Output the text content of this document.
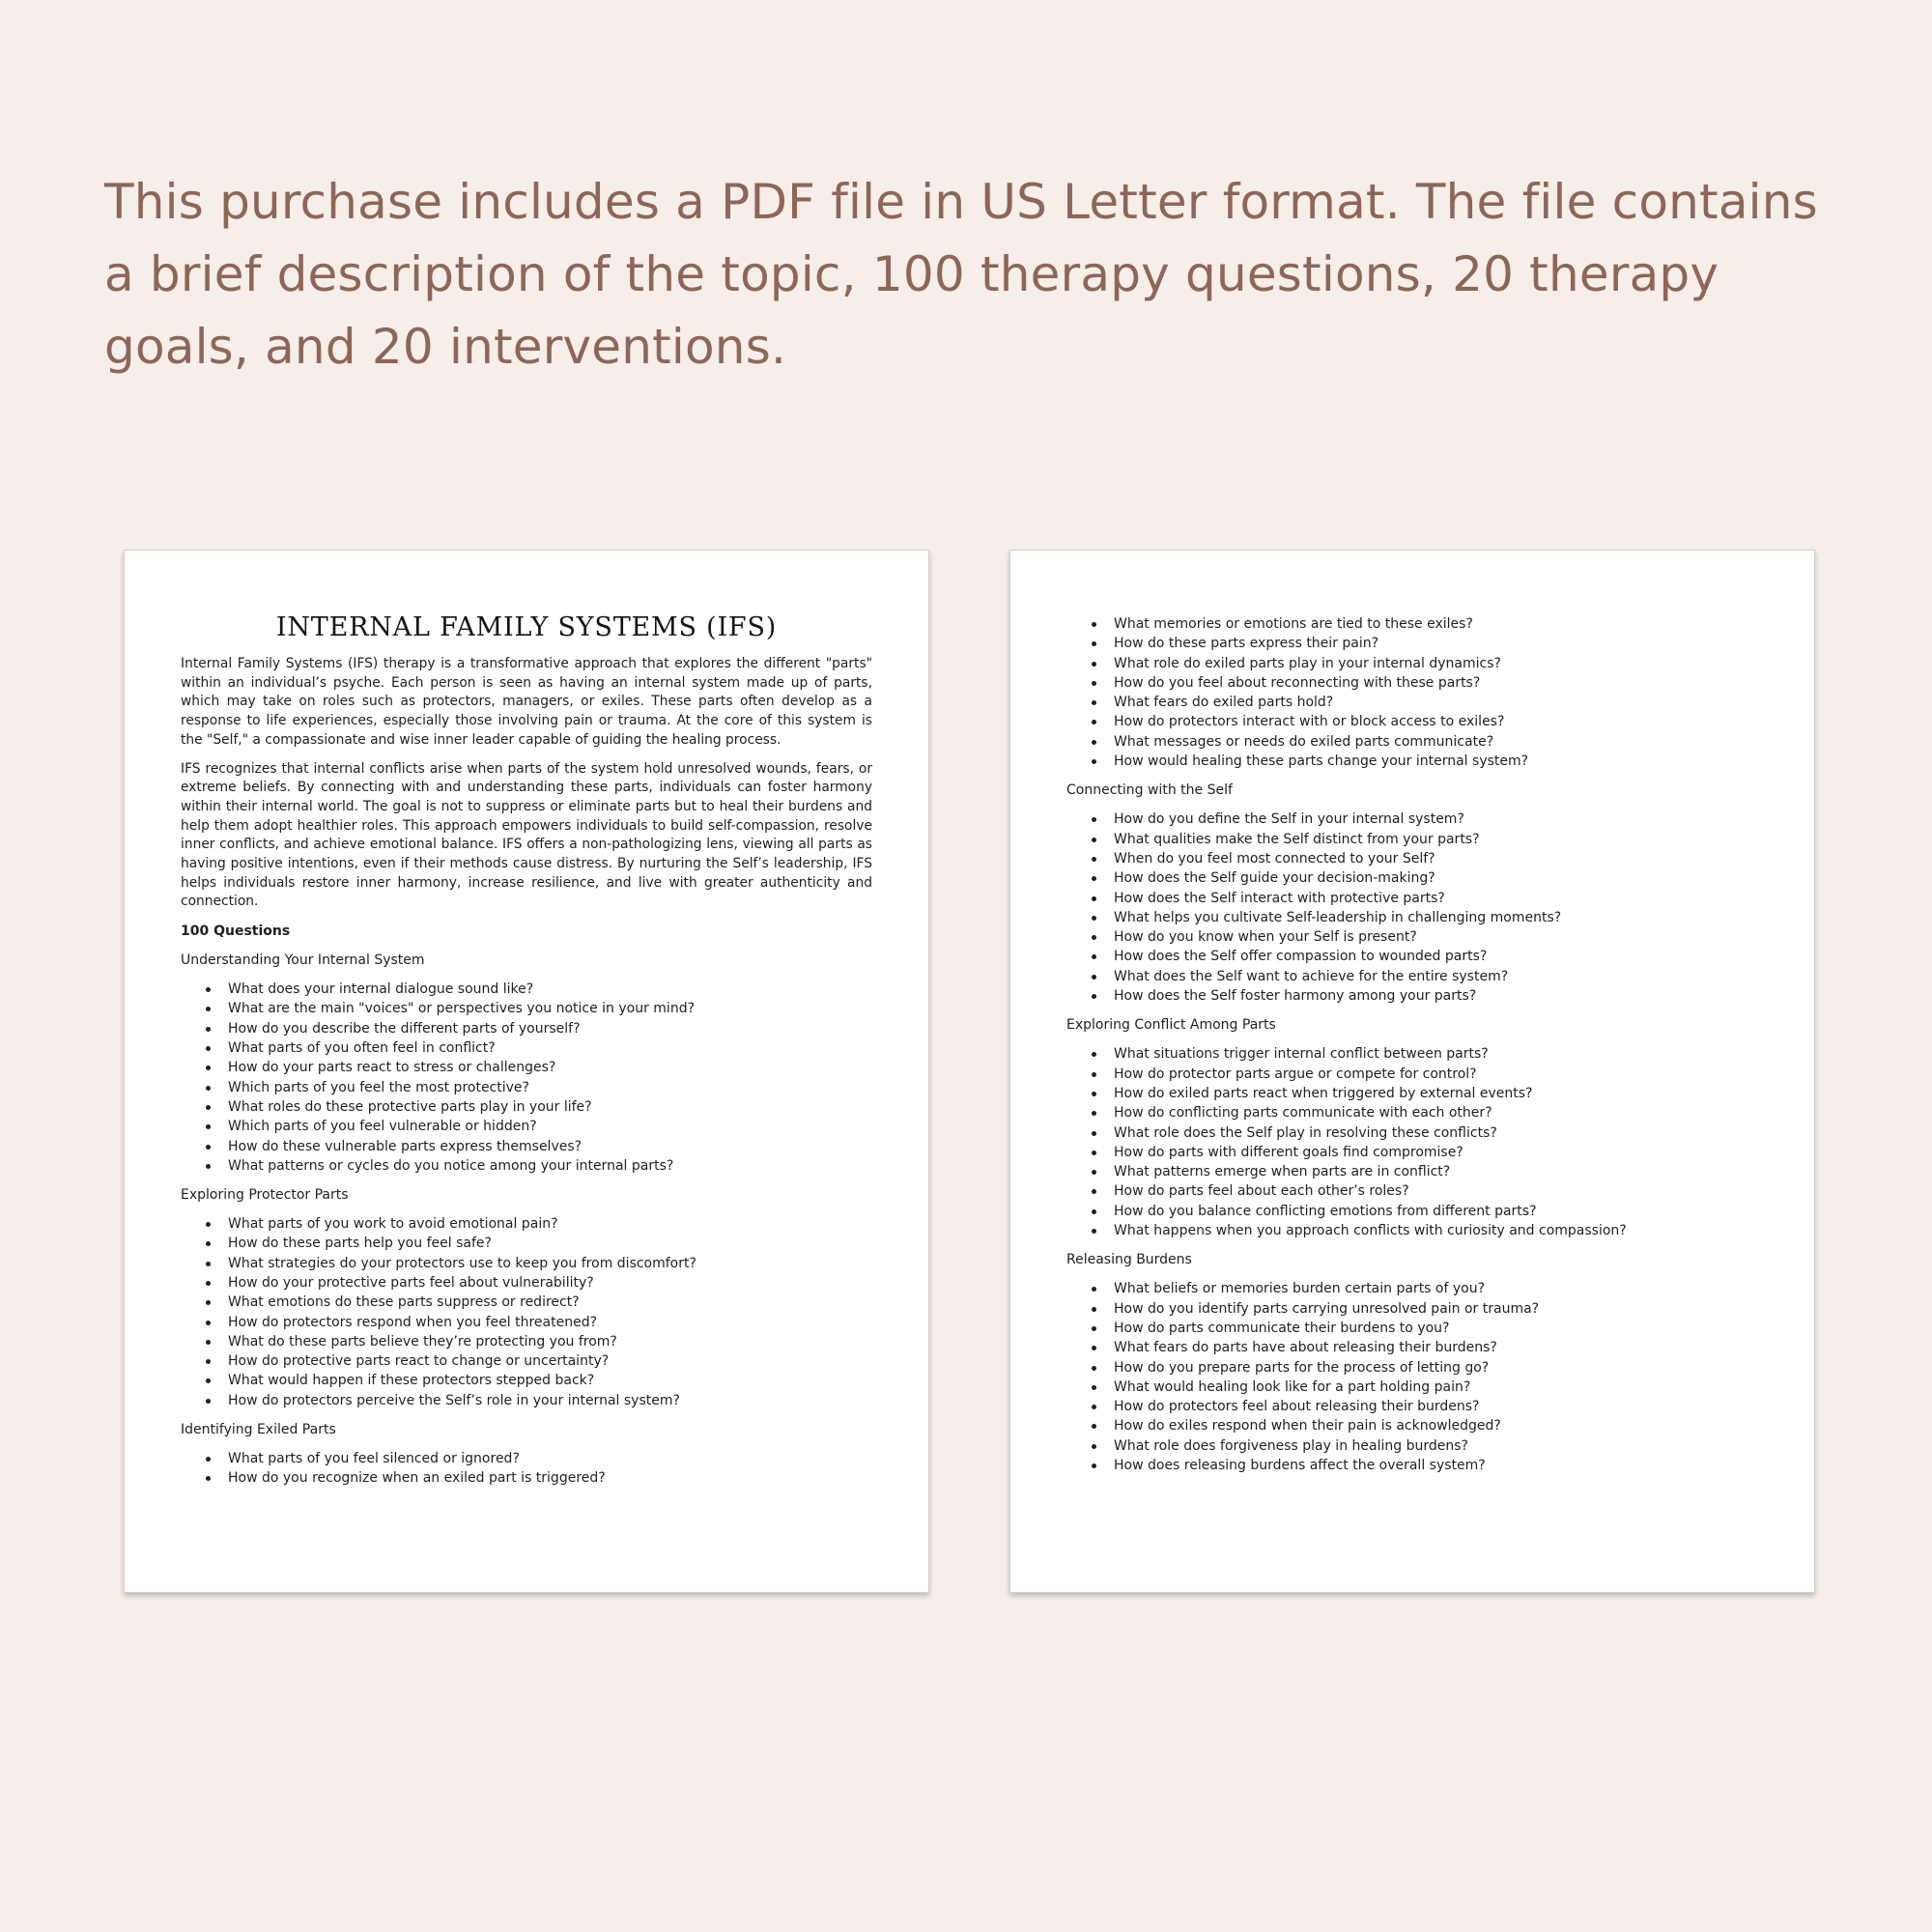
This purchase includes a PDF file in US Letter format. The file contains a brief description of the topic, 100 therapy questions, 20 therapy goals, and 20 interventions.

INTERNAL FAMILY SYSTEMS (IFS)

Internal Family Systems (IFS) therapy is a transformative approach that explores the different "parts" within an individual’s psyche. Each person is seen as having an internal system made up of parts, which may take on roles such as protectors, managers, or exiles. These parts often develop as a response to life experiences, especially those involving pain or trauma. At the core of this system is the "Self," a compassionate and wise inner leader capable of guiding the healing process.

IFS recognizes that internal conflicts arise when parts of the system hold unresolved wounds, fears, or extreme beliefs. By connecting with and understanding these parts, individuals can foster harmony within their internal world. The goal is not to suppress or eliminate parts but to heal their burdens and help them adopt healthier roles. This approach empowers individuals to build self-compassion, resolve inner conflicts, and achieve emotional balance. IFS offers a non-pathologizing lens, viewing all parts as having positive intentions, even if their methods cause distress. By nurturing the Self’s leadership, IFS helps individuals restore inner harmony, increase resilience, and live with greater authenticity and connection.

100 Questions

Understanding Your Internal System

What does your internal dialogue sound like?
What are the main "voices" or perspectives you notice in your mind?
How do you describe the different parts of yourself?
What parts of you often feel in conflict?
How do your parts react to stress or challenges?
Which parts of you feel the most protective?
What roles do these protective parts play in your life?
Which parts of you feel vulnerable or hidden?
How do these vulnerable parts express themselves?
What patterns or cycles do you notice among your internal parts?

Exploring Protector Parts

What parts of you work to avoid emotional pain?
How do these parts help you feel safe?
What strategies do your protectors use to keep you from discomfort?
How do your protective parts feel about vulnerability?
What emotions do these parts suppress or redirect?
How do protectors respond when you feel threatened?
What do these parts believe they’re protecting you from?
How do protective parts react to change or uncertainty?
What would happen if these protectors stepped back?
How do protectors perceive the Self’s role in your internal system?

Identifying Exiled Parts

What parts of you feel silenced or ignored?
How do you recognize when an exiled part is triggered?
What memories or emotions are tied to these exiles?
How do these parts express their pain?
What role do exiled parts play in your internal dynamics?
How do you feel about reconnecting with these parts?
What fears do exiled parts hold?
How do protectors interact with or block access to exiles?
What messages or needs do exiled parts communicate?
How would healing these parts change your internal system?

Connecting with the Self

How do you define the Self in your internal system?
What qualities make the Self distinct from your parts?
When do you feel most connected to your Self?
How does the Self guide your decision-making?
How does the Self interact with protective parts?
What helps you cultivate Self-leadership in challenging moments?
How do you know when your Self is present?
How does the Self offer compassion to wounded parts?
What does the Self want to achieve for the entire system?
How does the Self foster harmony among your parts?

Exploring Conflict Among Parts

What situations trigger internal conflict between parts?
How do protector parts argue or compete for control?
How do exiled parts react when triggered by external events?
How do conflicting parts communicate with each other?
What role does the Self play in resolving these conflicts?
How do parts with different goals find compromise?
What patterns emerge when parts are in conflict?
How do parts feel about each other’s roles?
How do you balance conflicting emotions from different parts?
What happens when you approach conflicts with curiosity and compassion?

Releasing Burdens

What beliefs or memories burden certain parts of you?
How do you identify parts carrying unresolved pain or trauma?
How do parts communicate their burdens to you?
What fears do parts have about releasing their burdens?
How do you prepare parts for the process of letting go?
What would healing look like for a part holding pain?
How do protectors feel about releasing their burdens?
How do exiles respond when their pain is acknowledged?
What role does forgiveness play in healing burdens?
How does releasing burdens affect the overall system?
